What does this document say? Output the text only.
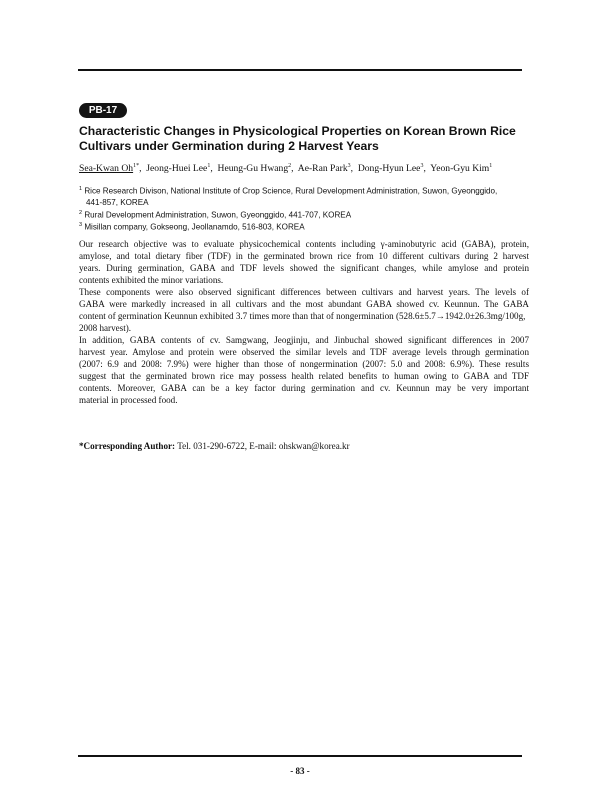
PB-17
Characteristic Changes in Physicological Properties on Korean Brown Rice
Cultivars under Germination during 2 Harvest Years
Sea-Kwan $Oh^{1*}$,  Jeong-Huei Lee$^1$,  Heung-Gu Hwang$^2$,  Ae-Ran Park$^3$,  Dong-Hyun Lee$^3$,  Yeon-Gyu Kim$^1$
$^1$ Rice Research Divison, National Institute of Crop Science, Rural Development Administration, Suwon, Gyeonggido,
441-857, KOREA
$^2$ Rural Development Administration, Suwon, Gyeonggido, 441-707, KOREA
$^3$ Misillan company, Gokseong, Jeollanamdo, 516-803, KOREA
Our research objective was to evaluate physicochemical contents including γ-aminobutyric acid (GABA), protein,
amylose, and total dietary fiber (TDF) in the germinated brown rice from 10 different cultivars during 2 harvest
years. During germination, GABA and TDF levels showed the significant changes, while amylose and protein
contents exhibited the minor variations.
These components were also observed significant differences between cultivars and harvest years. The levels of
GABA were markedly increased in all cultivars and the most abundant GABA showed cv. Keunnun. The GABA
content of germination Keunnun exhibited 3.7 times more than that of nongermination (528.6±5.7→1942.0±26.3mg/100g,
2008 harvest).
In addition, GABA contents of cv. Samgwang, Jeogjinju, and Jinbuchal showed significant differences in 2007
harvest year. Amylose and protein were observed the similar levels and TDF average levels through germination
(2007: 6.9 and 2008: 7.9%) were higher than those of nongermination (2007: 5.0 and 2008: 6.9%). These results
suggest that the germinated brown rice may possess health related benefits to human owing to GABA and TDF
contents. Moreover, GABA can be a key factor during germination and cv. Keunnun may be very important
material in processed food.
*Corresponding Author: Tel. 031-290-6722, E-mail: ohskwan@korea.kr
- 83 -
